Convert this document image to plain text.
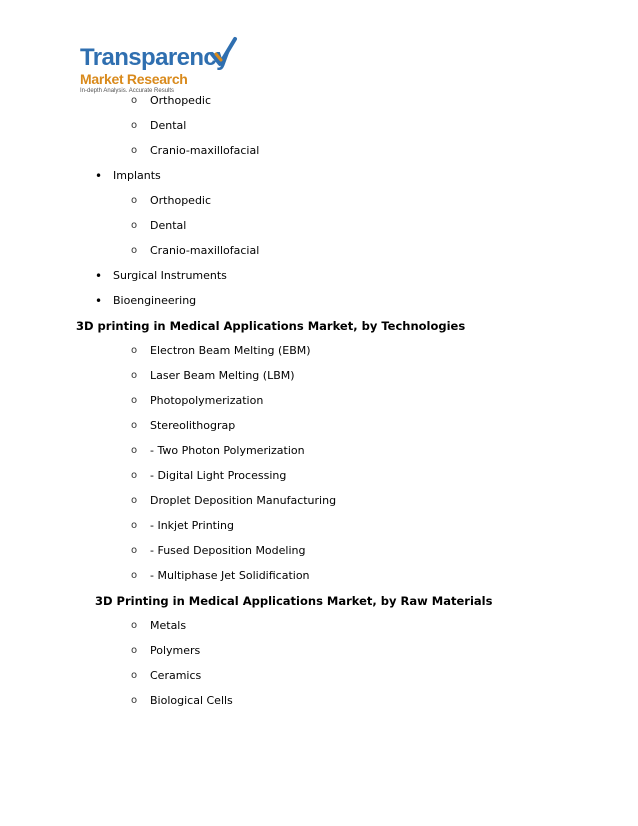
Transparency
Market Research
In-depth Analysis. Accurate Results
o Orthopedic
o Dental
o Cranio-maxillofacial
• Implants
o Orthopedic
o Dental
o Cranio-maxillofacial
• Surgical Instruments
• Bioengineering
3D printing in Medical Applications Market, by Technologies
o Electron Beam Melting (EBM)
o Laser Beam Melting (LBM)
o Photopolymerization
o Stereolithograp
o - Two Photon Polymerization
o - Digital Light Processing
o Droplet Deposition Manufacturing
o - Inkjet Printing
o - Fused Deposition Modeling
o - Multiphase Jet Solidification
3D Printing in Medical Applications Market, by Raw Materials
o Metals
o Polymers
o Ceramics
o Biological Cells
